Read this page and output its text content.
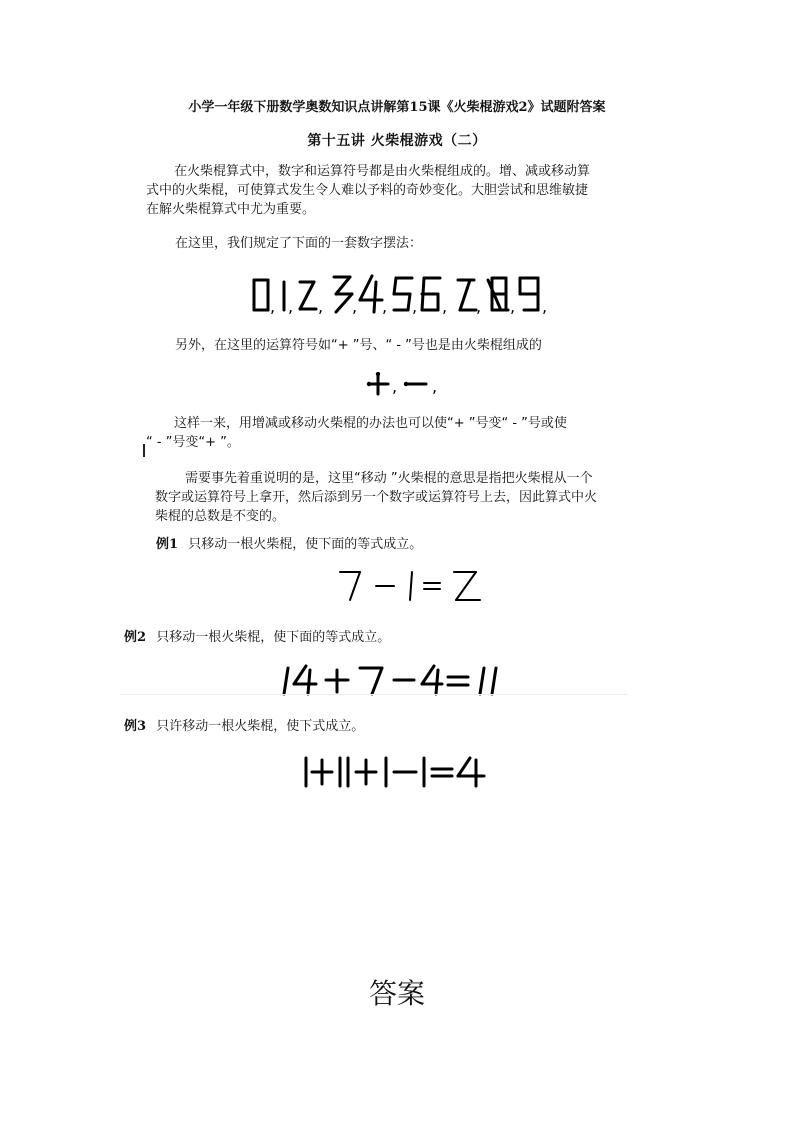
小学一年级下册数学奥数知识点讲解第15课《火柴棍游戏2》试题附答案
第十五讲 火柴棍游戏（二）
在火柴棍算式中，数字和运算符号都是由火柴棍组成的。增、减或移动算
式中的火柴棍，可使算式发生令人难以予料的奇妙变化。大胆尝试和思维敏捷
在解火柴棍算式中尤为重要。
在这里，我们规定了下面的一套数字摆法：
, , , , , , , , , ,
另外，在这里的运算符号如“+ ”号、“ - ”号也是由火柴棍组成的
, ,
这样一来，用增减或移动火柴棍的办法也可以使“+ ”号变“ - ”号或使
“ - ”号变“+ ”。
需要事先着重说明的是，这里“移动 ”火柴棍的意思是指把火柴棍从一个
数字或运算符号上拿开，然后添到另一个数字或运算符号上去，因此算式中火
柴棍的总数是不变的。
例1 只移动一根火柴棍，使下面的等式成立。
例2 只移动一根火柴棍，使下面的等式成立。
例3 只许移动一根火柴棍，使下式成立。
答案
